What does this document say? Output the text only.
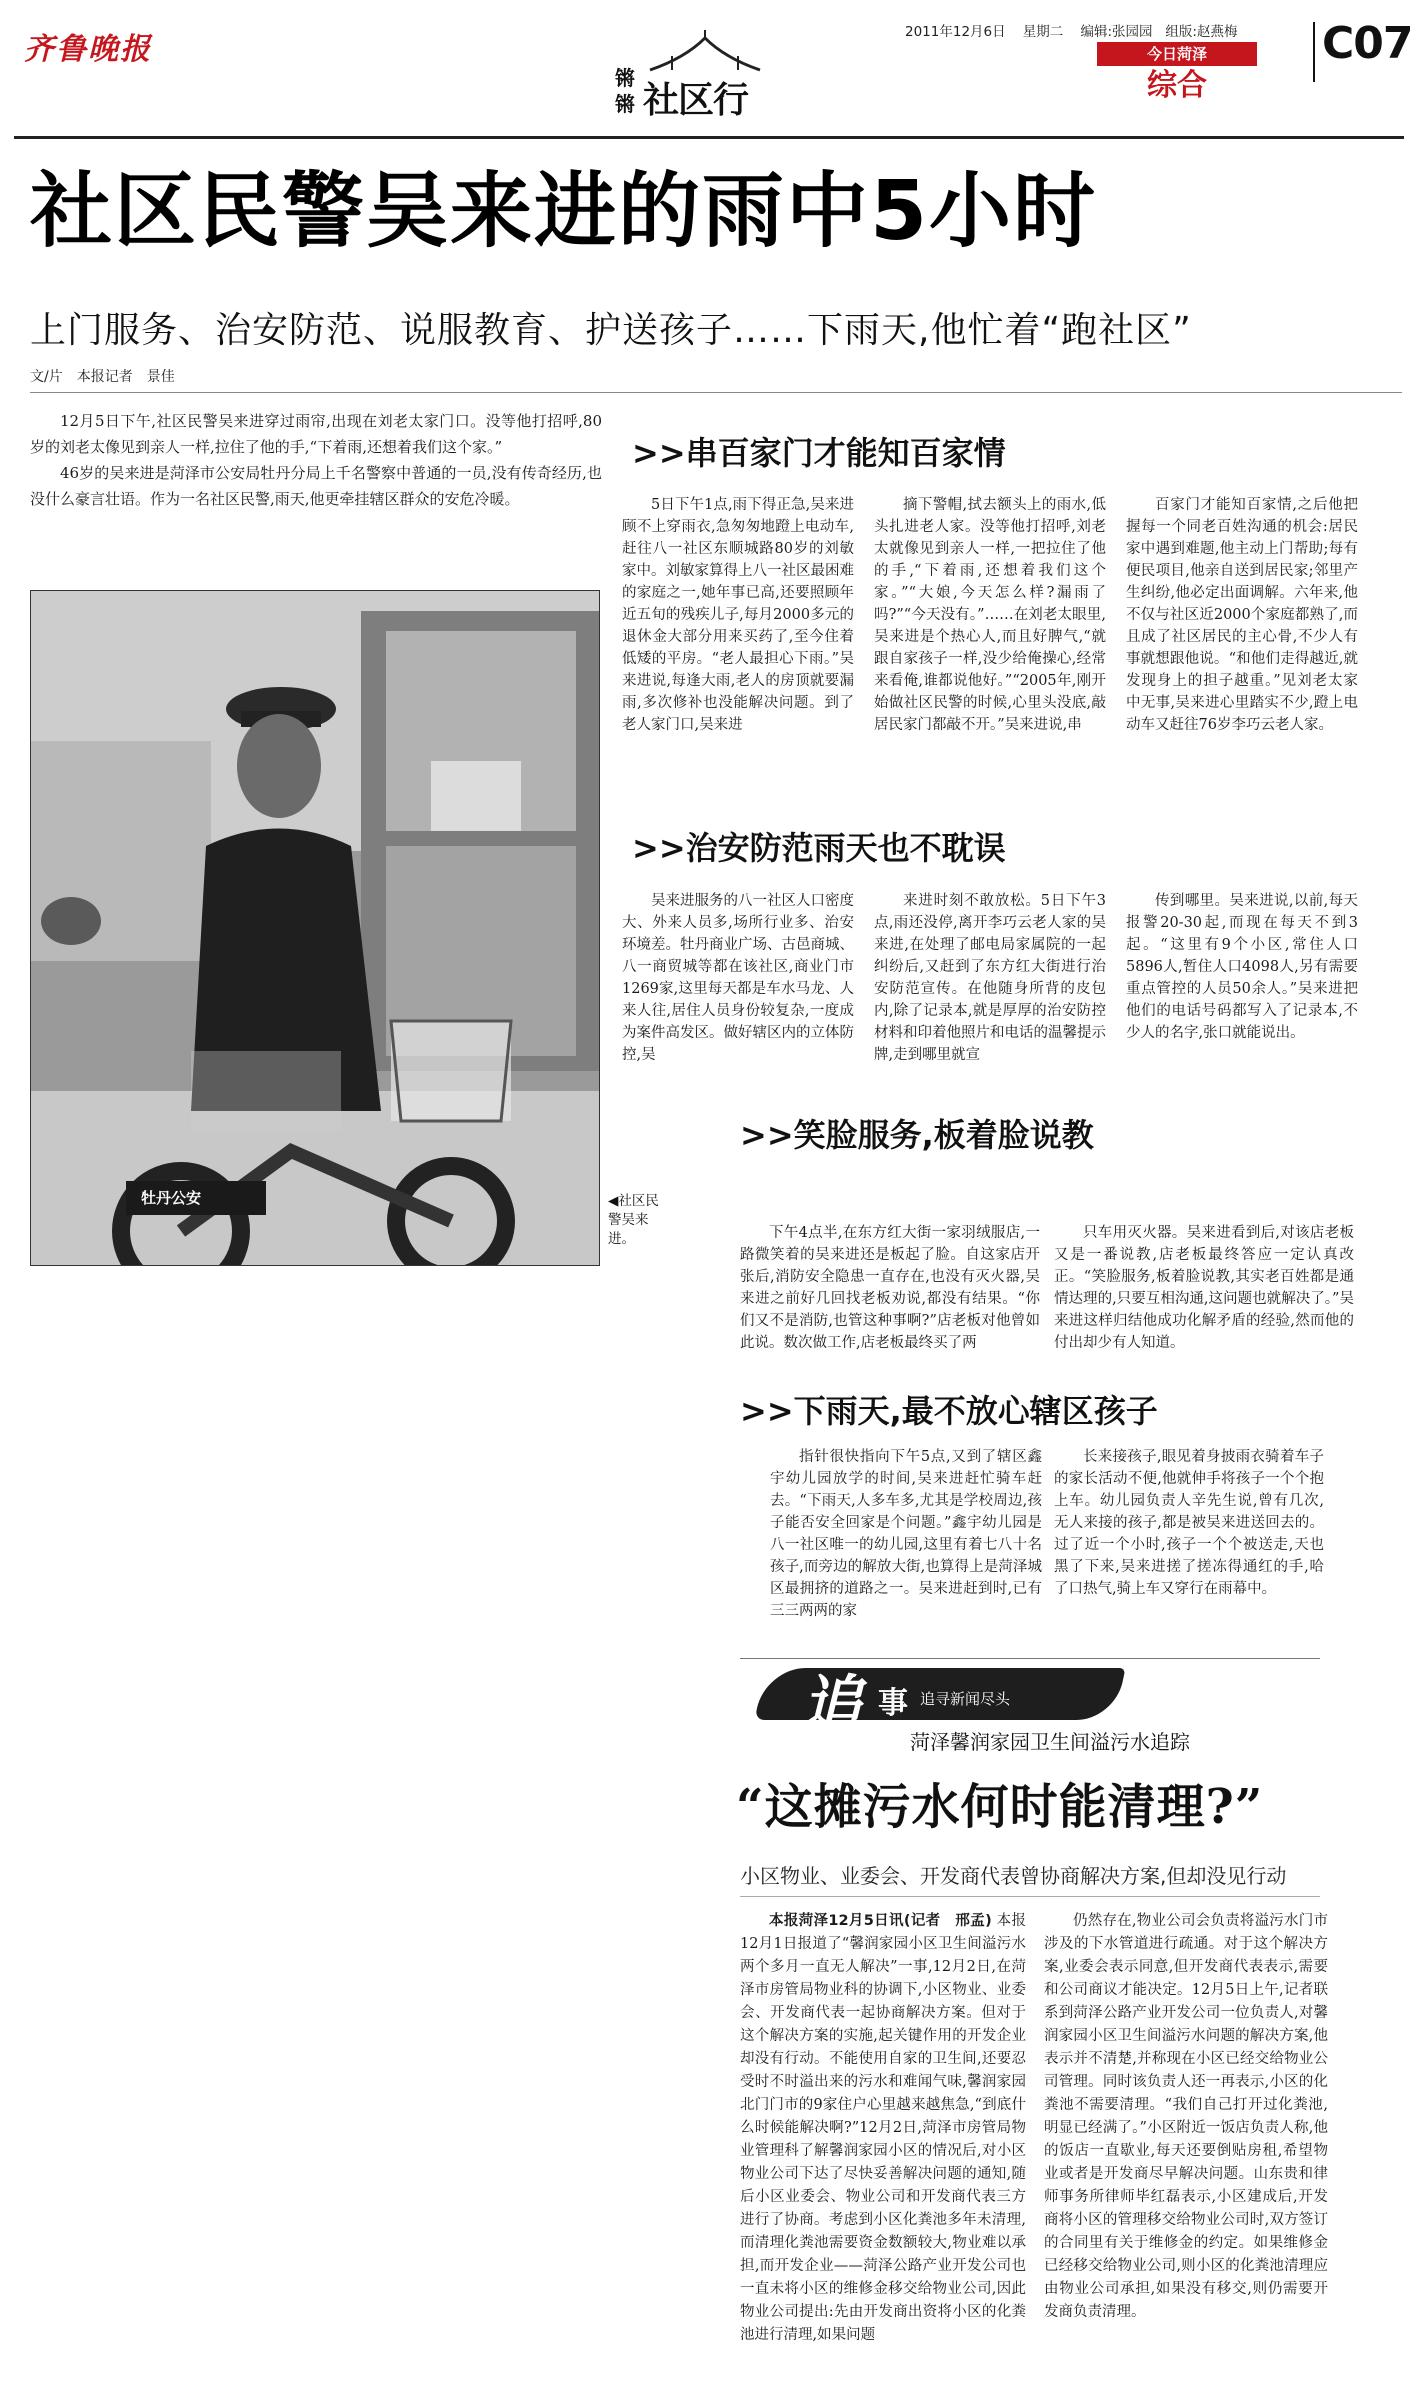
齐鲁晚报	2011年12月6日 星期二 编辑:张园园 组版:赵燕梅
今日菏泽
综合
C07
锵
锵 社区行
社区民警吴来进的雨中5小时
上门服务、治安防范、说服教育、护送孩子……下雨天,他忙着“跑社区”
文/片　本报记者　景佳

12月5日下午,社区民警吴来进穿过雨帘,出现在刘老太家门口。没等他打招呼,80岁的刘老太像见到亲人一样,拉住了他的手,“下着雨,还想着我们这个家。”

46岁的吴来进是菏泽市公安局牡丹分局上千名警察中普通的一员,没有传奇经历,也没什么豪言壮语。作为一名社区民警,雨天,他更牵挂辖区群众的安危冷暖。

牡丹公安	◀社区民警吴来进。
>>串百家门才能知百家情
5日下午1点,雨下得正急,吴来进顾不上穿雨衣,急匆匆地蹬上电动车,赶往八一社区东顺城路80岁的刘敏家中。刘敏家算得上八一社区最困难的家庭之一,她年事已高,还要照顾年近五旬的残疾儿子,每月2000多元的退休金大部分用来买药了,至今住着低矮的平房。“老人最担心下雨。”吴来进说,每逢大雨,老人的房顶就要漏雨,多次修补也没能解决问题。到了老人家门口,吴来进
摘下警帽,拭去额头上的雨水,低头扎进老人家。没等他打招呼,刘老太就像见到亲人一样,一把拉住了他的手,“下着雨,还想着我们这个家。”“大娘,今天怎么样?漏雨了吗?”“今天没有。”……在刘老太眼里,吴来进是个热心人,而且好脾气,“就跟自家孩子一样,没少给俺操心,经常来看俺,谁都说他好。”“2005年,刚开始做社区民警的时候,心里头没底,敲居民家门都敲不开。”吴来进说,串
百家门才能知百家情,之后他把握每一个同老百姓沟通的机会:居民家中遇到难题,他主动上门帮助;每有便民项目,他亲自送到居民家;邻里产生纠纷,他必定出面调解。六年来,他不仅与社区近2000个家庭都熟了,而且成了社区居民的主心骨,不少人有事就想跟他说。“和他们走得越近,就发现身上的担子越重。”见刘老太家中无事,吴来进心里踏实不少,蹬上电动车又赶往76岁李巧云老人家。
>>治安防范雨天也不耽误
吴来进服务的八一社区人口密度大、外来人员多,场所行业多、治安环境差。牡丹商业广场、古邑商城、八一商贸城等都在该社区,商业门市1269家,这里每天都是车水马龙、人来人往,居住人员身份较复杂,一度成为案件高发区。做好辖区内的立体防控,吴
来进时刻不敢放松。5日下午3点,雨还没停,离开李巧云老人家的吴来进,在处理了邮电局家属院的一起纠纷后,又赶到了东方红大街进行治安防范宣传。在他随身所背的皮包内,除了记录本,就是厚厚的治安防控材料和印着他照片和电话的温馨提示牌,走到哪里就宣
传到哪里。吴来进说,以前,每天报警20-30起,而现在每天不到3起。“这里有9个小区,常住人口5896人,暂住人口4098人,另有需要重点管控的人员50余人。”吴来进把他们的电话号码都写入了记录本,不少人的名字,张口就能说出。
>>笑脸服务,板着脸说教
下午4点半,在东方红大街一家羽绒服店,一路微笑着的吴来进还是板起了脸。自这家店开张后,消防安全隐患一直存在,也没有灭火器,吴来进之前好几回找老板劝说,都没有结果。“你们又不是消防,也管这种事啊?”店老板对他曾如此说。数次做工作,店老板最终买了两
只车用灭火器。吴来进看到后,对该店老板又是一番说教,店老板最终答应一定认真改正。“笑脸服务,板着脸说教,其实老百姓都是通情达理的,只要互相沟通,这问题也就解决了。”吴来进这样归结他成功化解矛盾的经验,然而他的付出却少有人知道。
>>下雨天,最不放心辖区孩子
指针很快指向下午5点,又到了辖区鑫宇幼儿园放学的时间,吴来进赶忙骑车赶去。“下雨天,人多车多,尤其是学校周边,孩子能否安全回家是个问题。”鑫宇幼儿园是八一社区唯一的幼儿园,这里有着七八十名孩子,而旁边的解放大街,也算得上是菏泽城区最拥挤的道路之一。吴来进赶到时,已有三三两两的家
长来接孩子,眼见着身披雨衣骑着车子的家长活动不便,他就伸手将孩子一个个抱上车。幼儿园负责人辛先生说,曾有几次,无人来接的孩子,都是被吴来进送回去的。过了近一个小时,孩子一个个被送走,天也黑了下来,吴来进搓了搓冻得通红的手,哈了口热气,骑上车又穿行在雨幕中。
追 事 追寻新闻尽头
菏泽馨润家园卫生间溢污水追踪
“这摊污水何时能清理?”
小区物业、业委会、开发商代表曾协商解决方案,但却没见行动
本报菏泽12月5日讯(记者　邢孟) 本报12月1日报道了“馨润家园小区卫生间溢污水两个多月一直无人解决”一事,12月2日,在菏泽市房管局物业科的协调下,小区物业、业委会、开发商代表一起协商解决方案。但对于这个解决方案的实施,起关键作用的开发企业却没有行动。不能使用自家的卫生间,还要忍受时不时溢出来的污水和难闻气味,馨润家园北门门市的9家住户心里越来越焦急,“到底什么时候能解决啊?”12月2日,菏泽市房管局物业管理科了解馨润家园小区的情况后,对小区物业公司下达了尽快妥善解决问题的通知,随后小区业委会、物业公司和开发商代表三方进行了协商。考虑到小区化粪池多年未清理,而清理化粪池需要资金数额较大,物业难以承担,而开发企业——菏泽公路产业开发公司也一直未将小区的维修金移交给物业公司,因此物业公司提出:先由开发商出资将小区的化粪池进行清理,如果问题
仍然存在,物业公司会负责将溢污水门市涉及的下水管道进行疏通。对于这个解决方案,业委会表示同意,但开发商代表表示,需要和公司商议才能决定。12月5日上午,记者联系到菏泽公路产业开发公司一位负责人,对馨润家园小区卫生间溢污水问题的解决方案,他表示并不清楚,并称现在小区已经交给物业公司管理。同时该负责人还一再表示,小区的化粪池不需要清理。“我们自己打开过化粪池,明显已经满了。”小区附近一饭店负责人称,他的饭店一直歇业,每天还要倒贴房租,希望物业或者是开发商尽早解决问题。山东贵和律师事务所律师毕红磊表示,小区建成后,开发商将小区的管理移交给物业公司时,双方签订的合同里有关于维修金的约定。如果维修金已经移交给物业公司,则小区的化粪池清理应由物业公司承担,如果没有移交,则仍需要开发商负责清理。
